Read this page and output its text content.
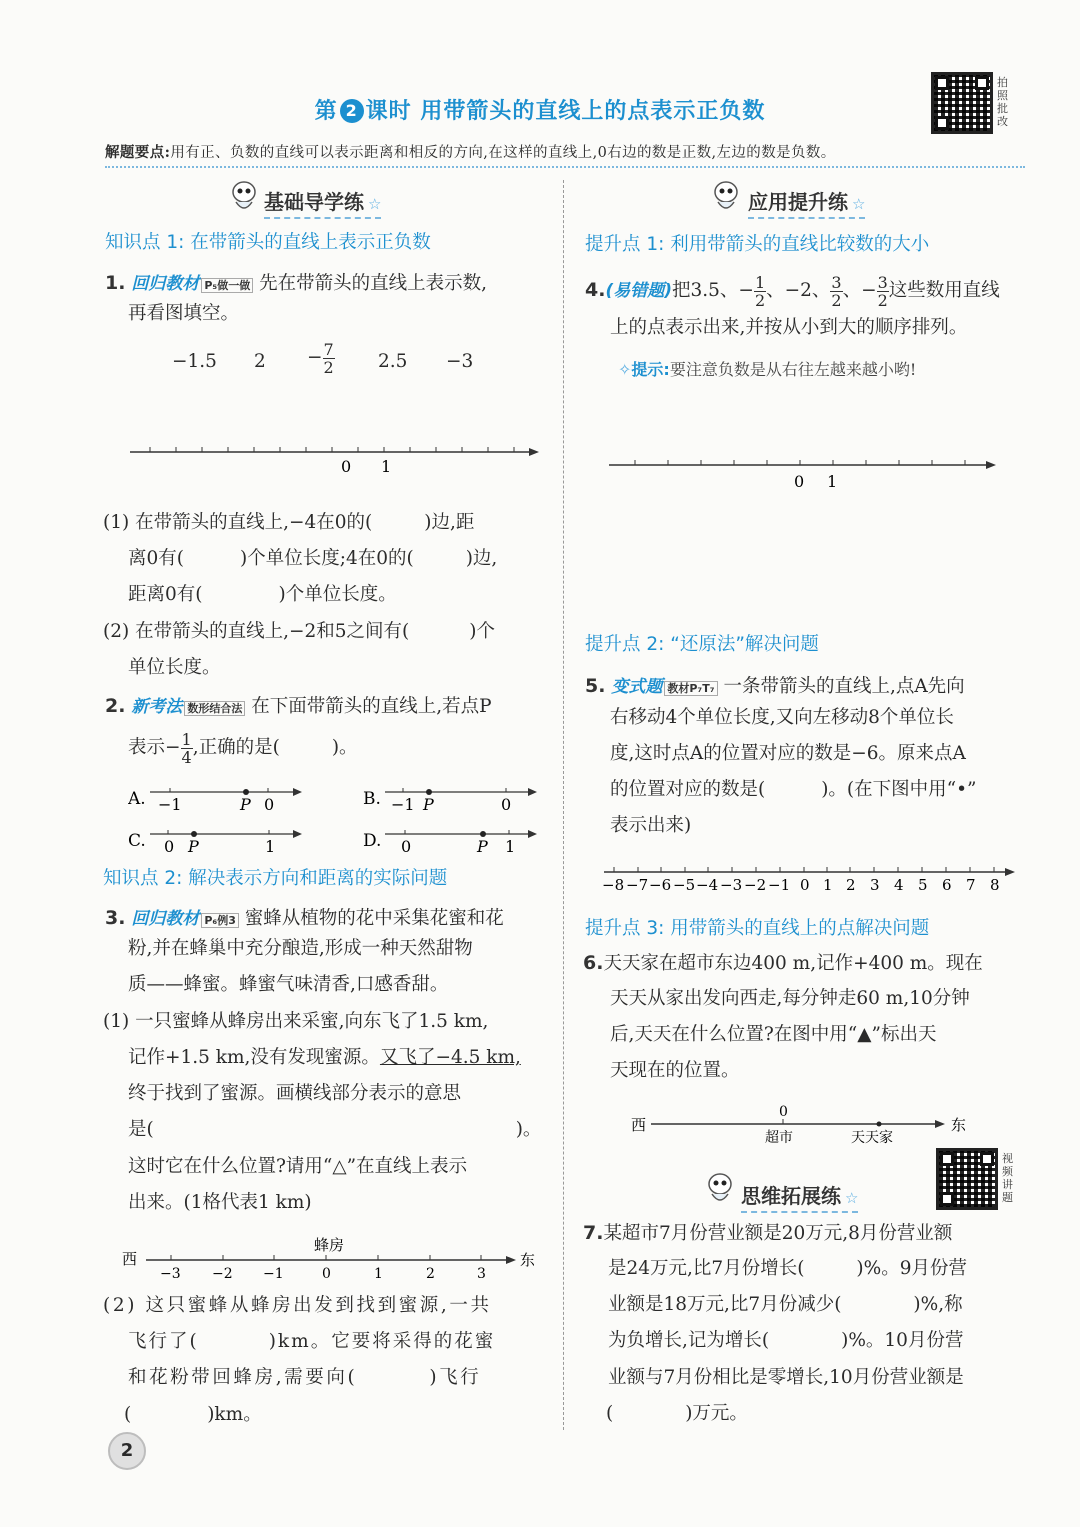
第 2 课时 用带箭头的直线上的点表示正负数
拍照批改
解题要点:用有正、负数的直线可以表示距离和相反的方向,在这样的直线上,0右边的数是正数,左边的数是负数。
基础导学练 ☆
知识点 1: 在带箭头的直线上表示正负数
1. 回归教材 P₅做一做 先在带箭头的直线上表示数,
再看图填空。
−1.5 $2 - \frac{7}{2} 2.5 -3$
0 1
(1) 在带箭头的直线上,−4在0的(	)边,距
离0有(	)个单位长度;4在0的(	)边,
距离0有(	)个单位长度。
(2) 在带箭头的直线上,−2和5之间有(	)个
单位长度。
2. 新考法 数形结合法 在下面带箭头的直线上,若点P
表示− $\frac{1}{4}$ ,正确的是(	)。
A. −1	P 0	B. −1 P	0
C. 0 P	1	D. 0	P 1
知识点 2: 解决表示方向和距离的实际问题
3. 回归教材 P₆例3 蜜蜂从植物的花中采集花蜜和花
粉,并在蜂巢中充分酿造,形成一种天然甜物
质——蜂蜜。蜂蜜气味清香,口感香甜。
(1) 一只蜜蜂从蜂房出来采蜜,向东飞了1.5 km,
记作+1.5 km,没有发现蜜源。又飞了−4.5 km,
终于找到了蜜源。画横线部分表示的意思
是(	)。
这时它在什么位置?请用“△”在直线上表示
出来。(1格代表1 km)
蜂房
西	东
−3 −2 −1	0	1	2	3
(2) 这只蜜蜂从蜂房出发到找到蜜源,一共
飞行了(	)km。它要将采得的花蜜
和花粉带回蜂房,需要向(	)飞行
(	)km。
应用提升练 ☆
提升点 1: 利用带箭头的直线比较数的大小
4.(易错题)把3.5、− $\frac{1}{2}$ 、−2、 $\frac{3}{2}$ 、− $\frac{3}{2}$ 这些数用直线
上的点表示出来,并按从小到大的顺序排列。
✧提示:要注意负数是从右往左越来越小哟!
0 1
提升点 2: “还原法”解决问题
5. 变式题 教材P₇T₇ 一条带箭头的直线上,点A先向
右移动4个单位长度,又向左移动8个单位长
度,这时点A的位置对应的数是−6。原来点A
的位置对应的数是(	)。(在下图中用“•”
表示出来)
−8 −7 −6 −5 −4 −3 −2 −1 0 1 2 3 4 5 6 7 8
提升点 3: 用带箭头的直线上的点解决问题
6.天天家在超市东边400 m,记作+400 m。现在
天天从家出发向西走,每分钟走60 m,10分钟
后,天天在什么位置?在图中用“▲”标出天
天现在的位置。
西	东
0
超市	天天家
思维拓展练 ☆
视频讲题
7.某超市7月份营业额是20万元,8月份营业额
是24万元,比7月份增长(	)%。9月份营
业额是18万元,比7月份减少(	)%,称
为负增长,记为增长(	)%。10月份营
业额与7月份相比是零增长,10月份营业额是
(	)万元。
2
